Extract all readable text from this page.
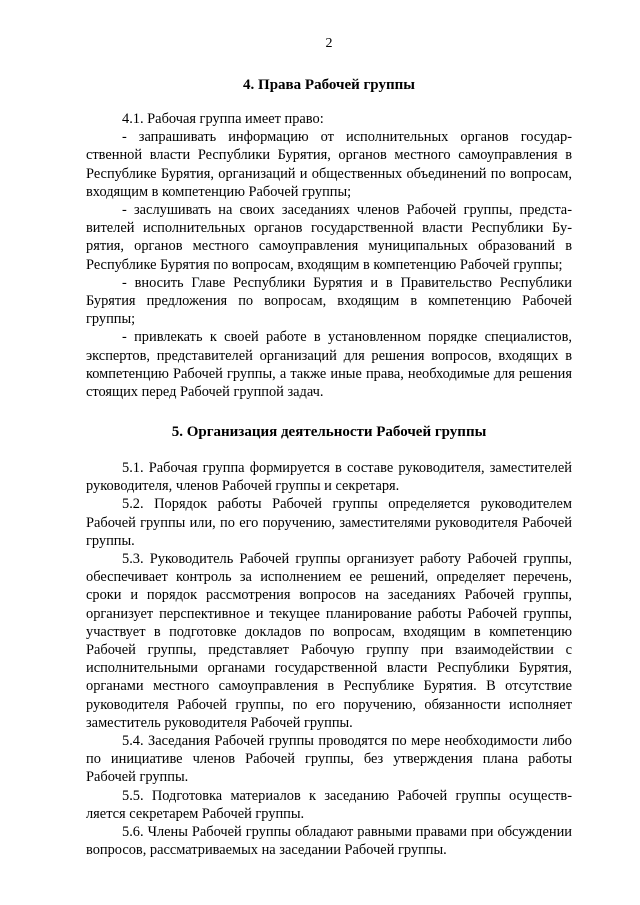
2
4. Права Рабочей группы

4.1. Рабочая группа имеет право:

- запрашивать информацию от исполнительных органов государственной власти Республики Бурятия, органов местного самоуправления в Республике Бурятия, организаций и общественных объединений по вопросам, входящим в компетенцию Рабочей группы;

- заслушивать на своих заседаниях членов Рабочей группы, представителей исполнительных органов государственной власти Республики Бурятия, органов местного самоуправления муниципальных образований в Республике Бурятия по вопросам, входящим в компетенцию Рабочей группы;

- вносить Главе Республики Бурятия и в Правительство Республики Бурятия предложения по вопросам, входящим в компетенцию Рабочей группы;

- привлекать к своей работе в установленном порядке специалистов, экспертов, представителей организаций для решения вопросов, входящих в компетенцию Рабочей группы, а также иные права, необходимые для решения стоящих перед Рабочей группой задач.

5. Организация деятельности Рабочей группы

5.1. Рабочая группа формируется в составе руководителя, заместителей руководителя, членов Рабочей группы и секретаря.

5.2. Порядок работы Рабочей группы определяется руководителем Рабочей группы или, по его поручению, заместителями руководителя Рабочей группы.

5.3. Руководитель Рабочей группы организует работу Рабочей группы, обеспечивает контроль за исполнением ее решений, определяет перечень, сроки и порядок рассмотрения вопросов на заседаниях Рабочей группы, организует перспективное и текущее планирование работы Рабочей группы, участвует в подготовке докладов по вопросам, входящим в компетенцию Рабочей группы, представляет Рабочую группу при взаимодействии с исполнительными органами государственной власти Республики Бурятия, органами местного самоуправления в Республике Бурятия. В отсутствие руководителя Рабочей группы, по его поручению, обязанности исполняет заместитель руководителя Рабочей группы.

5.4. Заседания Рабочей группы проводятся по мере необходимости либо по инициативе членов Рабочей группы, без утверждения плана работы Рабочей группы.

5.5. Подготовка материалов к заседанию Рабочей группы осуществляется секретарем Рабочей группы.

5.6. Члены Рабочей группы обладают равными правами при обсуждении вопросов, рассматриваемых на заседании Рабочей группы.
